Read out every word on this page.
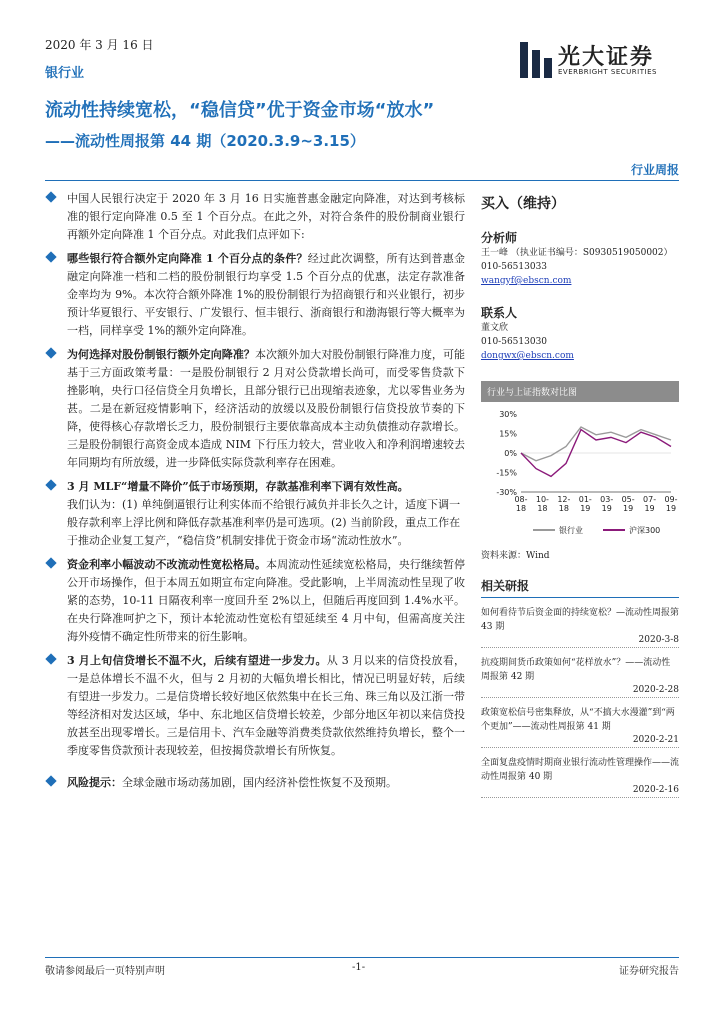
2020 年 3 月 16 日
银行业
光大证券
EVERBRIGHT SECURITIES
流动性持续宽松，“稳信贷”优于资金市场“放水”
——流动性周报第 44 期（2020.3.9~3.15）
行业周报
中国人民银行决定于 2020 年 3 月 16 日实施普惠金融定向降准，对达到考核标准的银行定向降准 0.5 至 1 个百分点。在此之外，对符合条件的股份制商业银行再额外定向降准 1 个百分点。对此我们点评如下:
哪些银行符合额外定向降准 1 个百分点的条件？经过此次调整，所有达到普惠金融定向降准一档和二档的股份制银行均享受 1.5 个百分点的优惠，法定存款准备金率均为 9%。本次符合额外降准 1%的股份制银行为招商银行和兴业银行，初步预计华夏银行、平安银行、广发银行、恒丰银行、浙商银行和渤海银行等大概率为一档，同样享受 1%的额外定向降准。
为何选择对股份制银行额外定向降准？本次额外加大对股份制银行降准力度，可能基于三方面政策考量：一是股份制银行 2 月对公贷款增长尚可，而受零售贷款下挫影响，央行口径信贷全月负增长，且部分银行已出现缩表迹象，尤以零售业务为甚。二是在新冠疫情影响下，经济活动的放缓以及股份制银行信贷投放节奏的下降，使得核心存款增长乏力，股份制银行主要依靠高成本主动负债推动存款增长。三是股份制银行高资金成本造成 NIM 下行压力较大，营业收入和净利润增速较去年同期均有所放缓，进一步降低实际贷款利率存在困难。
3 月 MLF“增量不降价”低于市场预期，存款基准利率下调有效性高。
我们认为：(1) 单纯倒逼银行让利实体而不给银行减负并非长久之计，适度下调一般存款利率上浮比例和降低存款基准利率仍是可选项。(2) 当前阶段，重点工作在于推动企业复工复产，“稳信贷”机制安排优于资金市场“流动性放水”。
资金利率小幅波动不改流动性宽松格局。本周流动性延续宽松格局，央行继续暂停公开市场操作，但于本周五如期宣布定向降准。受此影响，上半周流动性呈现了收紧的态势，10-11 日隔夜利率一度回升至 2%以上，但随后再度回到 1.4%水平。在央行降准呵护之下，预计本轮流动性宽松有望延续至 4 月中旬，但需高度关注海外疫情不确定性所带来的衍生影响。
3 月上旬信贷增长不温不火，后续有望进一步发力。从 3 月以来的信贷投放看，一是总体增长不温不火，但与 2 月初的大幅负增长相比，情况已明显好转，后续有望进一步发力。二是信贷增长较好地区依然集中在长三角、珠三角以及江浙一带等经济相对发达区域，华中、东北地区信贷增长较差，少部分地区年初以来信贷投放甚至出现零增长。三是信用卡、汽车金融等消费类贷款依然维持负增长，整个一季度零售贷款预计表现较差，但按揭贷款增长有所恢复。
风险提示：全球金融市场动荡加剧，国内经济补偿性恢复不及预期。
买入（维持）
分析师
王一峰 （执业证书编号：S0930519050002）
010-56513033
wangyf@ebscn.com
联系人
董文欣
010-56513030
dongwx@ebscn.com
行业与上证指数对比图
30%
15%
0%
-15%
-30%
08-
18
10-
18
12-
18
01-
19
03-
19
05-
19
07-
19
09-
19
银行业	沪深300
资料来源：Wind
相关研报
如何看待节后资金面的持续宽松？—流动性周报第 43 期
2020-3-8
抗疫期间货币政策如何“花样放水”？——流动性周报第 42 期
2020-2-28
政策宽松信号密集释放，从“不搞大水漫灌”到“两个更加”——流动性周报第 41 期
2020-2-21
全面复盘疫情时期商业银行流动性管理操作——流动性周报第 40 期
2020-2-16
敬请参阅最后一页特别声明	-1-	证券研究报告
